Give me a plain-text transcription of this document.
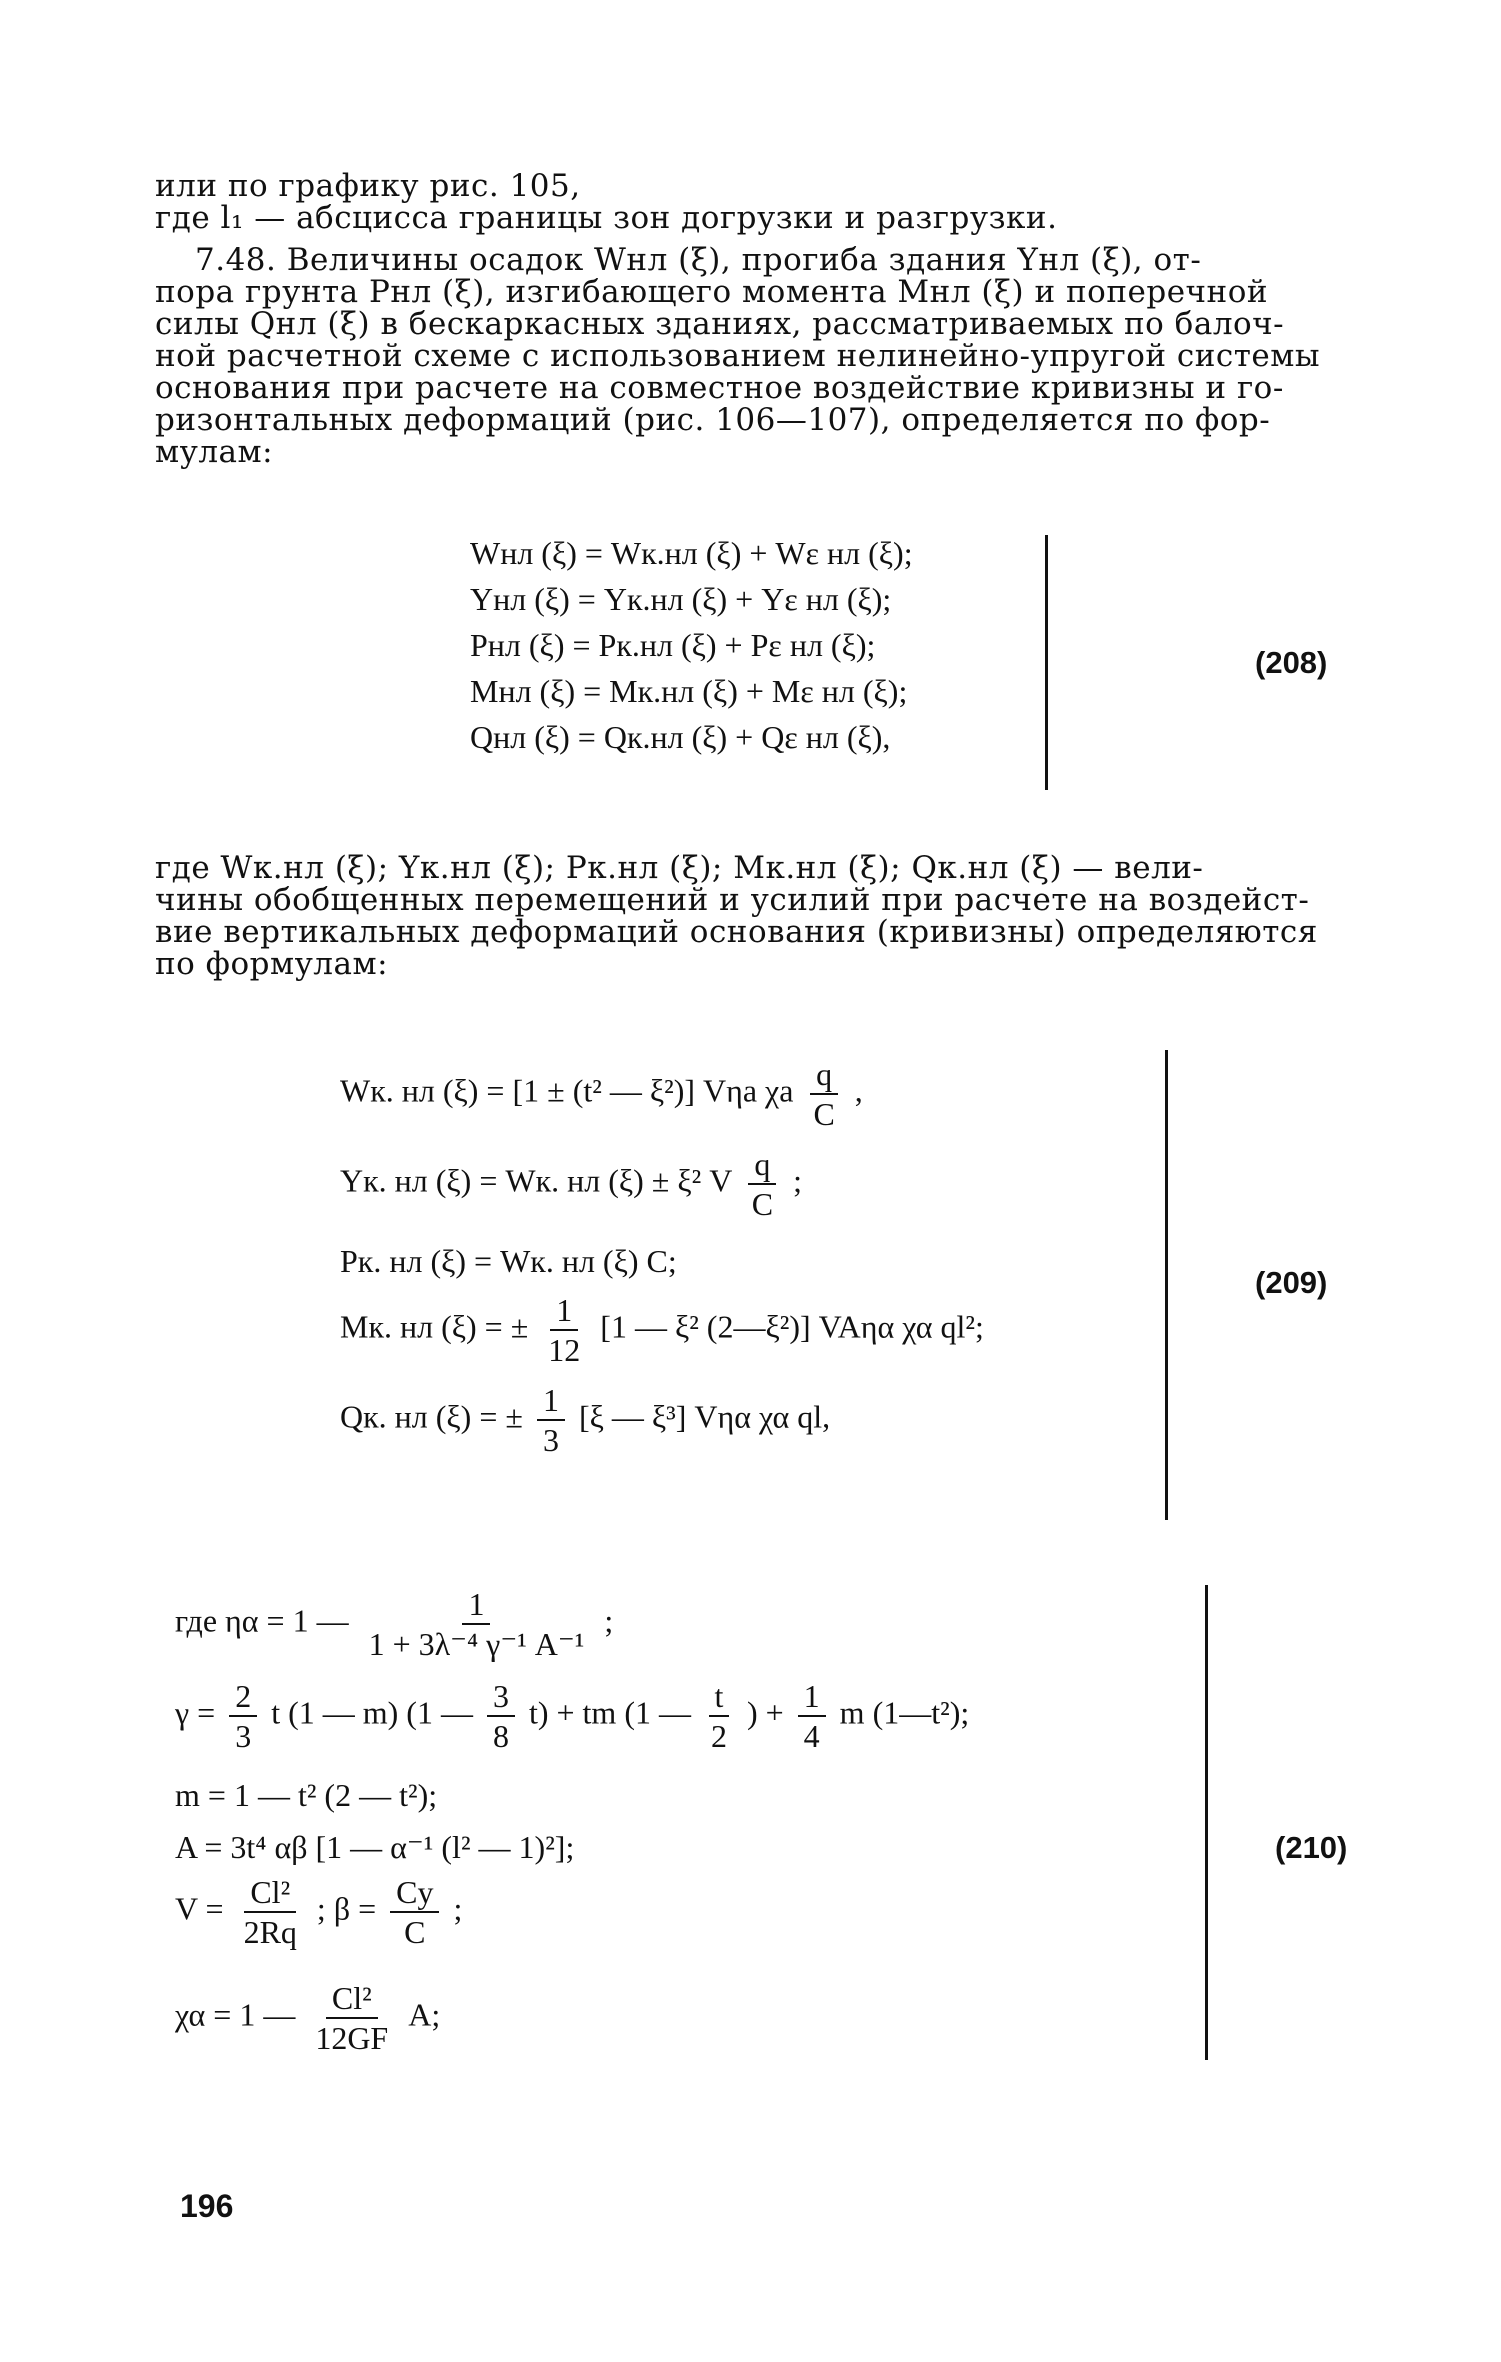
или по графику рис. 105,
где l₁ — абсцисса границы зон догрузки и разгрузки.
7.48. Величины осадок Wнл (ξ), прогиба здания Yнл (ξ), от-
пора грунта Pнл (ξ), изгибающего момента Mнл (ξ) и поперечной
силы Qнл (ξ) в бескаркасных зданиях, рассматриваемых по балоч-
ной расчетной схеме с использованием нелинейно-упругой системы
основания при расчете на совместное воздействие кривизны и го-
ризонтальных деформаций (рис. 106—107), определяется по фор-
мулам:
Wнл (ξ) = Wк.нл (ξ) + Wε нл (ξ);
Yнл (ξ) = Yк.нл (ξ) + Yε нл (ξ);
Pнл (ξ) = Pк.нл (ξ) + Pε нл (ξ);
Mнл (ξ) = Mк.нл (ξ) + Mε нл (ξ);
Qнл (ξ) = Qк.нл (ξ) + Qε нл (ξ),
(208)
где Wк.нл (ξ); Yк.нл (ξ); Pк.нл (ξ); Mк.нл (ξ); Qк.нл (ξ) — вели-
чины обобщенных перемещений и усилий при расчете на воздейст-
вие вертикальных деформаций основания (кривизны) определяются
по формулам:
Wк. нл (ξ) = [1 ± (t² — ξ²)] Vηa χa $\frac{q}{C}$ ,
Yк. нл (ξ) = Wк. нл (ξ) ± ξ² V $\frac{q}{C}$ ;
Pк. нл (ξ) = Wк. нл (ξ) C;
Mк. нл (ξ) = ± $\frac{1}{12} [1$ — ξ² (2—ξ²)] VAηα χα ql²;
Qк. нл (ξ) = ± $\frac{1}{3} [\xi$ — ξ³] Vηα χα ql,
(209)
где ηα = 1 — $\frac{1}{\text{1 + 3λ⁻⁴ γ⁻¹ A⁻¹}}$ ;
$\gamma = \frac{2}{3}$ t (1 — m) (1 — $\frac{3}{8} t$) + tm (1 — $\frac{t}{2}$ ) + $\frac{1}{4}$ m (1—t²);
m = 1 — t² (2 — t²);
A = 3t⁴ αβ [1 — α⁻¹ (l² — 1)²];
$V = \frac{\text{Cl²}}{2Rq}$ ; $\beta = \frac{Cy}{C}$ ;
χα = 1 — $\frac{\text{Cl²}}{12GF} A$;
(210)
196
